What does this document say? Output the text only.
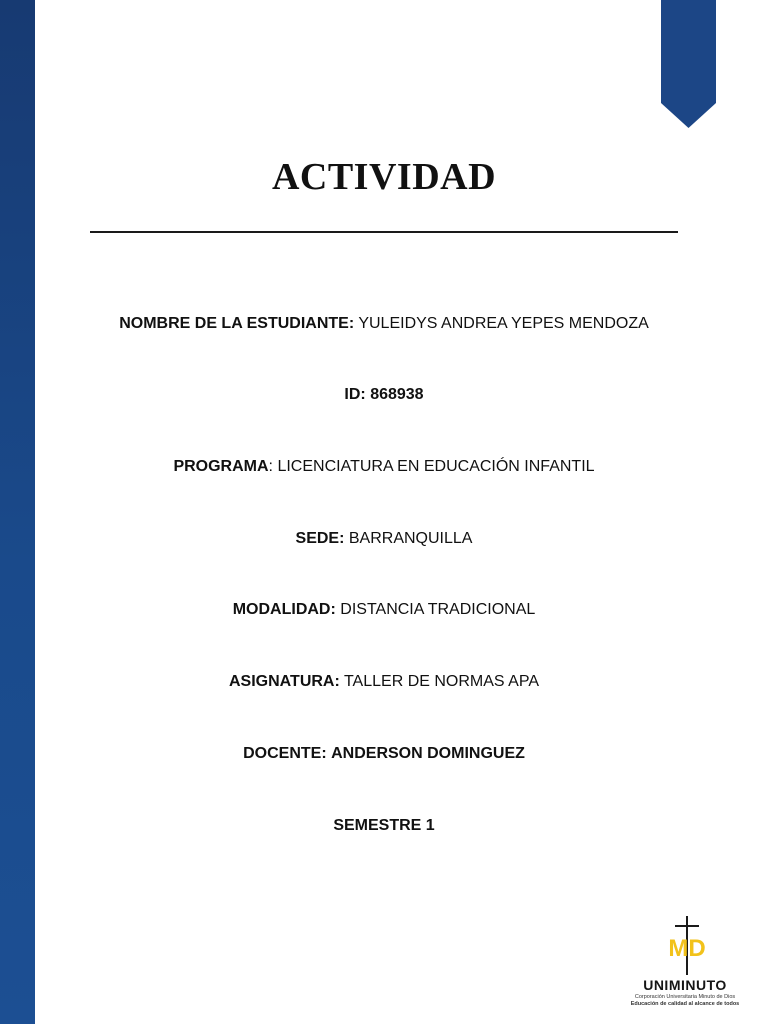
ACTIVIDAD
NOMBRE DE LA ESTUDIANTE: YULEIDYS ANDREA YEPES MENDOZA
ID: 868938
PROGRAMA: LICENCIATURA EN EDUCACIÓN INFANTIL
SEDE: BARRANQUILLA
MODALIDAD: DISTANCIA TRADICIONAL
ASIGNATURA: TALLER DE NORMAS APA
DOCENTE: ANDERSON DOMINGUEZ
SEMESTRE 1
MD
UNIMINUTO
Corporación Universitaria Minuto de Dios
Educación de calidad al alcance de todos
